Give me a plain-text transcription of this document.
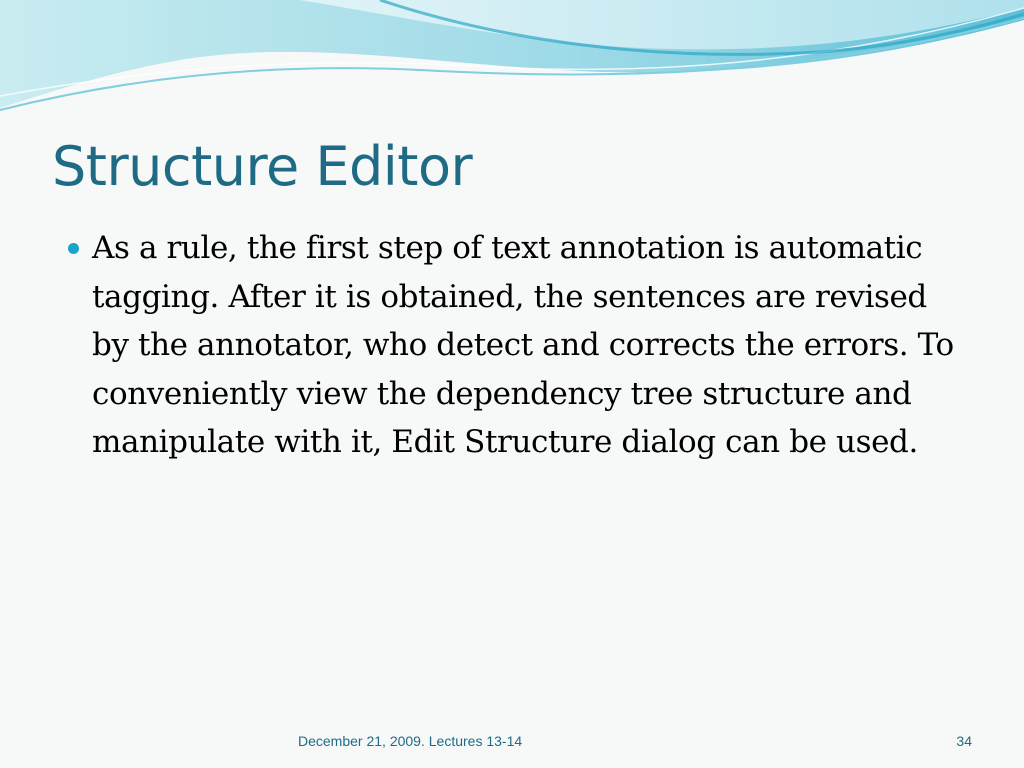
Structure Editor
As a rule, the first step of text annotation is automatic tagging. After it is obtained, the sentences are revised by the annotator, who detect and corrects the errors. To conveniently view the dependency tree structure and manipulate with it, Edit Structure dialog can be used.
December 21, 2009. Lectures 13-14	34
